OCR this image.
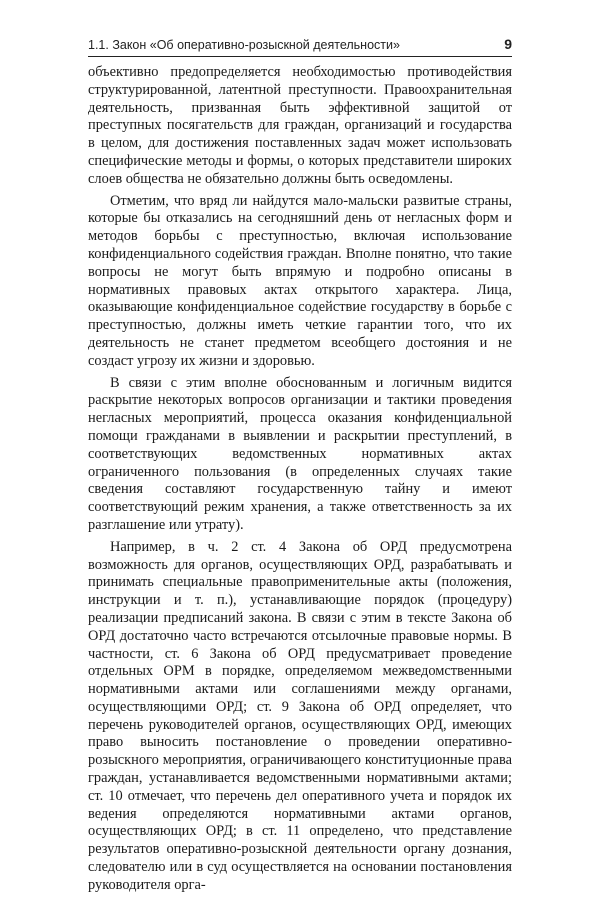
1.1. Закон «Об оперативно-розыскной деятельности»	9

объективно предопределяется необходимостью противодействия структурированной, латентной преступности. Правоохранительная деятельность, призванная быть эффективной защитой от преступных посягательств для граждан, организаций и государства в целом, для достижения поставленных задач может использовать специфические методы и формы, о которых представители широких слоев общества не обязательно должны быть осведомлены.

Отметим, что вряд ли найдутся мало-мальски развитые страны, которые бы отказались на сегодняшний день от негласных форм и методов борьбы с преступностью, включая использование конфиденциального содействия граждан. Вполне понятно, что такие вопросы не могут быть впрямую и подробно описаны в нормативных правовых актах открытого характера. Лица, оказывающие конфиденциальное содействие государству в борьбе с преступностью, должны иметь четкие гарантии того, что их деятельность не станет предметом всеобщего достояния и не создаст угрозу их жизни и здоровью.

В связи с этим вполне обоснованным и логичным видится раскрытие некоторых вопросов организации и тактики проведения негласных мероприятий, процесса оказания конфиденциальной помощи гражданами в выявлении и раскрытии преступлений, в соответствующих ведомственных нормативных актах ограниченного пользования (в определенных случаях такие сведения составляют государственную тайну и имеют соответствующий режим хранения, а также ответственность за их разглашение или утрату).

Например, в ч. 2 ст. 4 Закона об ОРД предусмотрена возможность для органов, осуществляющих ОРД, разрабатывать и принимать специальные правоприменительные акты (положения, инструкции и т. п.), устанавливающие порядок (процедуру) реализации предписаний закона. В связи с этим в тексте Закона об ОРД достаточно часто встречаются отсылочные правовые нормы. В частности, ст. 6 Закона об ОРД предусматривает проведение отдельных ОРМ в порядке, определяемом межведомственными нормативными актами или соглашениями между органами, осуществляющими ОРД; ст. 9 Закона об ОРД определяет, что перечень руководителей органов, осуществляющих ОРД, имеющих право выносить постановление о проведении оперативно-розыскного мероприятия, ограничивающего конституционные права граждан, устанавливается ведомственными нормативными актами; ст. 10 отмечает, что перечень дел оперативного учета и порядок их ведения определяются нормативными актами органов, осуществляющих ОРД; в ст. 11 определено, что представление результатов оперативно-розыскной деятельности органу дознания, следователю или в суд осуществляется на основании постановления руководителя орга-
